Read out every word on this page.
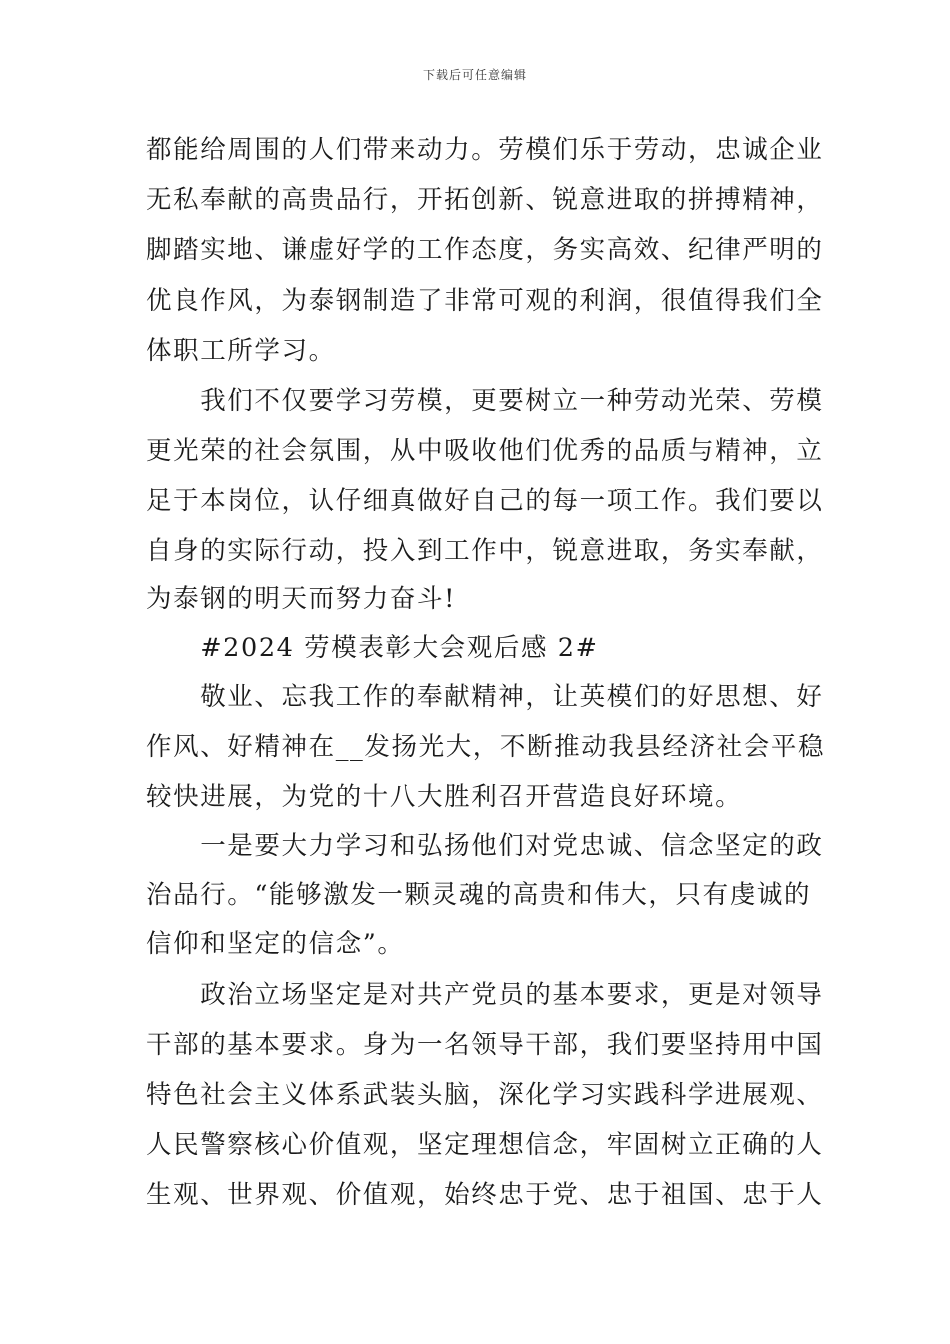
下载后可任意编辑
都能给周围的人们带来动力。劳模们乐于劳动，忠诚企业
无私奉献的高贵品行，开拓创新、锐意进取的拼搏精神，
脚踏实地、谦虚好学的工作态度，务实高效、纪律严明的
优良作风，为泰钢制造了非常可观的利润，很值得我们全
体职工所学习。
　　我们不仅要学习劳模，更要树立一种劳动光荣、劳模
更光荣的社会氛围，从中吸收他们优秀的品质与精神，立
足于本岗位，认仔细真做好自己的每一项工作。我们要以
自身的实际行动，投入到工作中，锐意进取，务实奉献，
为泰钢的明天而努力奋斗!
　　#2024 劳模表彰大会观后感 2#
　　敬业、忘我工作的奉献精神，让英模们的好思想、好
作风、好精神在__发扬光大，不断推动我县经济社会平稳
较快进展，为党的十八大胜利召开营造良好环境。
　　一是要大力学习和弘扬他们对党忠诚、信念坚定的政
治品行。“能够激发一颗灵魂的高贵和伟大，只有虔诚的
信仰和坚定的信念”。
　　政治立场坚定是对共产党员的基本要求，更是对领导
干部的基本要求。身为一名领导干部，我们要坚持用中国
特色社会主义体系武装头脑，深化学习实践科学进展观、
人民警察核心价值观，坚定理想信念，牢固树立正确的人
生观、世界观、价值观，始终忠于党、忠于祖国、忠于人
